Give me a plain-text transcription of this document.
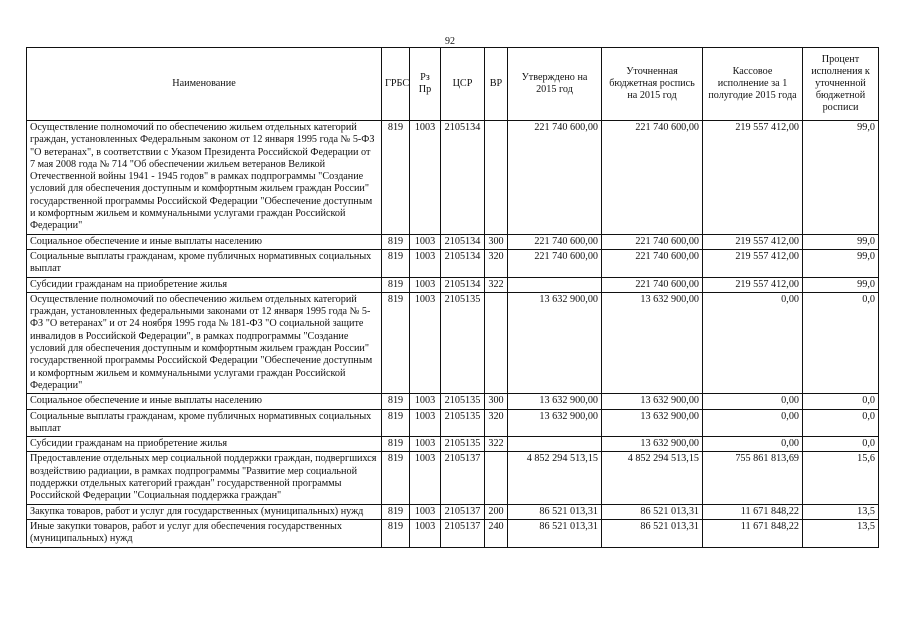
92
Наименование	ГРБС	Рз Пр	ЦСР	ВР	Утверждено на 2015 год	Уточненная бюджетная роспись на 2015 год	Кассовое исполнение за 1 полугодие 2015 года	Процент исполнения к уточненной бюджетной росписи
Осуществление полномочий по обеспечению жильем отдельных категорий граждан, установленных Федеральным законом от 12 января 1995 года № 5-ФЗ "О ветеранах", в соответствии с Указом Президента Российской Федерации от 7 мая 2008 года № 714 "Об обеспечении жильем ветеранов Великой Отечественной войны 1941 - 1945 годов" в рамках подпрограммы "Создание условий для обеспечения доступным и комфортным жильем граждан России" государственной программы Российской Федерации "Обеспечение доступным и комфортным жильем и коммунальными услугами граждан Российской Федерации"	819	1003	2105134		221 740 600,00	221 740 600,00	219 557 412,00	99,0
Социальное обеспечение и иные выплаты населению	819	1003	2105134	300	221 740 600,00	221 740 600,00	219 557 412,00	99,0
Социальные выплаты гражданам, кроме публичных нормативных социальных выплат	819	1003	2105134	320	221 740 600,00	221 740 600,00	219 557 412,00	99,0
Субсидии гражданам на приобретение жилья	819	1003	2105134	322		221 740 600,00	219 557 412,00	99,0
Осуществление полномочий по обеспечению жильем отдельных категорий граждан, установленных федеральными законами от 12 января 1995 года № 5-ФЗ "О ветеранах" и от 24 ноября 1995 года № 181-ФЗ "О социальной защите инвалидов в Российской Федерации", в рамках подпрограммы "Создание условий для обеспечения доступным и комфортным жильем граждан России" государственной программы Российской Федерации "Обеспечение доступным и комфортным жильем и коммунальными услугами граждан Российской Федерации"	819	1003	2105135		13 632 900,00	13 632 900,00	0,00	0,0
Социальное обеспечение и иные выплаты населению	819	1003	2105135	300	13 632 900,00	13 632 900,00	0,00	0,0
Социальные выплаты гражданам, кроме публичных нормативных социальных выплат	819	1003	2105135	320	13 632 900,00	13 632 900,00	0,00	0,0
Субсидии гражданам на приобретение жилья	819	1003	2105135	322		13 632 900,00	0,00	0,0
Предоставление отдельных мер социальной поддержки граждан, подвергшихся воздействию радиации, в рамках подпрограммы "Развитие мер социальной поддержки отдельных категорий граждан" государственной программы Российской Федерации "Социальная поддержка граждан"	819	1003	2105137		4 852 294 513,15	4 852 294 513,15	755 861 813,69	15,6
Закупка товаров, работ и услуг для государственных (муниципальных) нужд	819	1003	2105137	200	86 521 013,31	86 521 013,31	11 671 848,22	13,5
Иные закупки товаров, работ и услуг для обеспечения государственных (муниципальных) нужд	819	1003	2105137	240	86 521 013,31	86 521 013,31	11 671 848,22	13,5
